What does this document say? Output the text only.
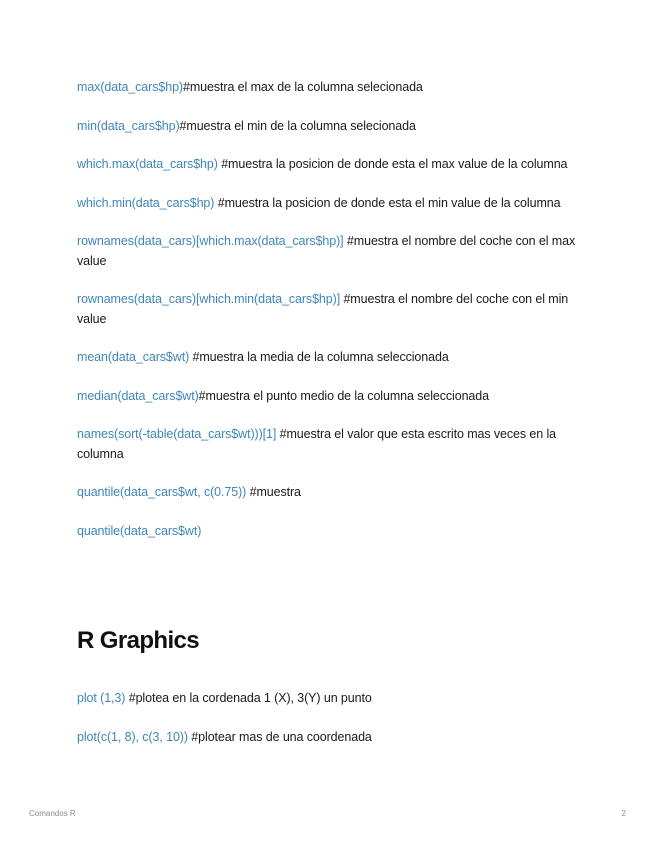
max(data_cars$hp)#muestra el max de la columna selecionada

min(data_cars$hp)#muestra el min de la columna selecionada

which.max(data_cars$hp) #muestra la posicion de donde esta el max value de la columna

which.min(data_cars$hp) #muestra la posicion de donde esta el min value de la columna

rownames(data_cars)[which.max(data_cars$hp)] #muestra el nombre del coche con el max value

rownames(data_cars)[which.min(data_cars$hp)] #muestra el nombre del coche con el min value

mean(data_cars$wt) #muestra la media de la columna seleccionada

median(data_cars$wt)#muestra el punto medio de la columna seleccionada

names(sort(-table(data_cars$wt)))[1] #muestra el valor que esta escrito mas veces en la columna

quantile(data_cars$wt, c(0.75)) #muestra

quantile(data_cars$wt)

R Graphics

plot (1,3) #plotea en la cordenada 1 (X), 3(Y) un punto

plot(c(1, 8), c(3, 10)) #plotear mas de una coordenada

Comandos R	2
